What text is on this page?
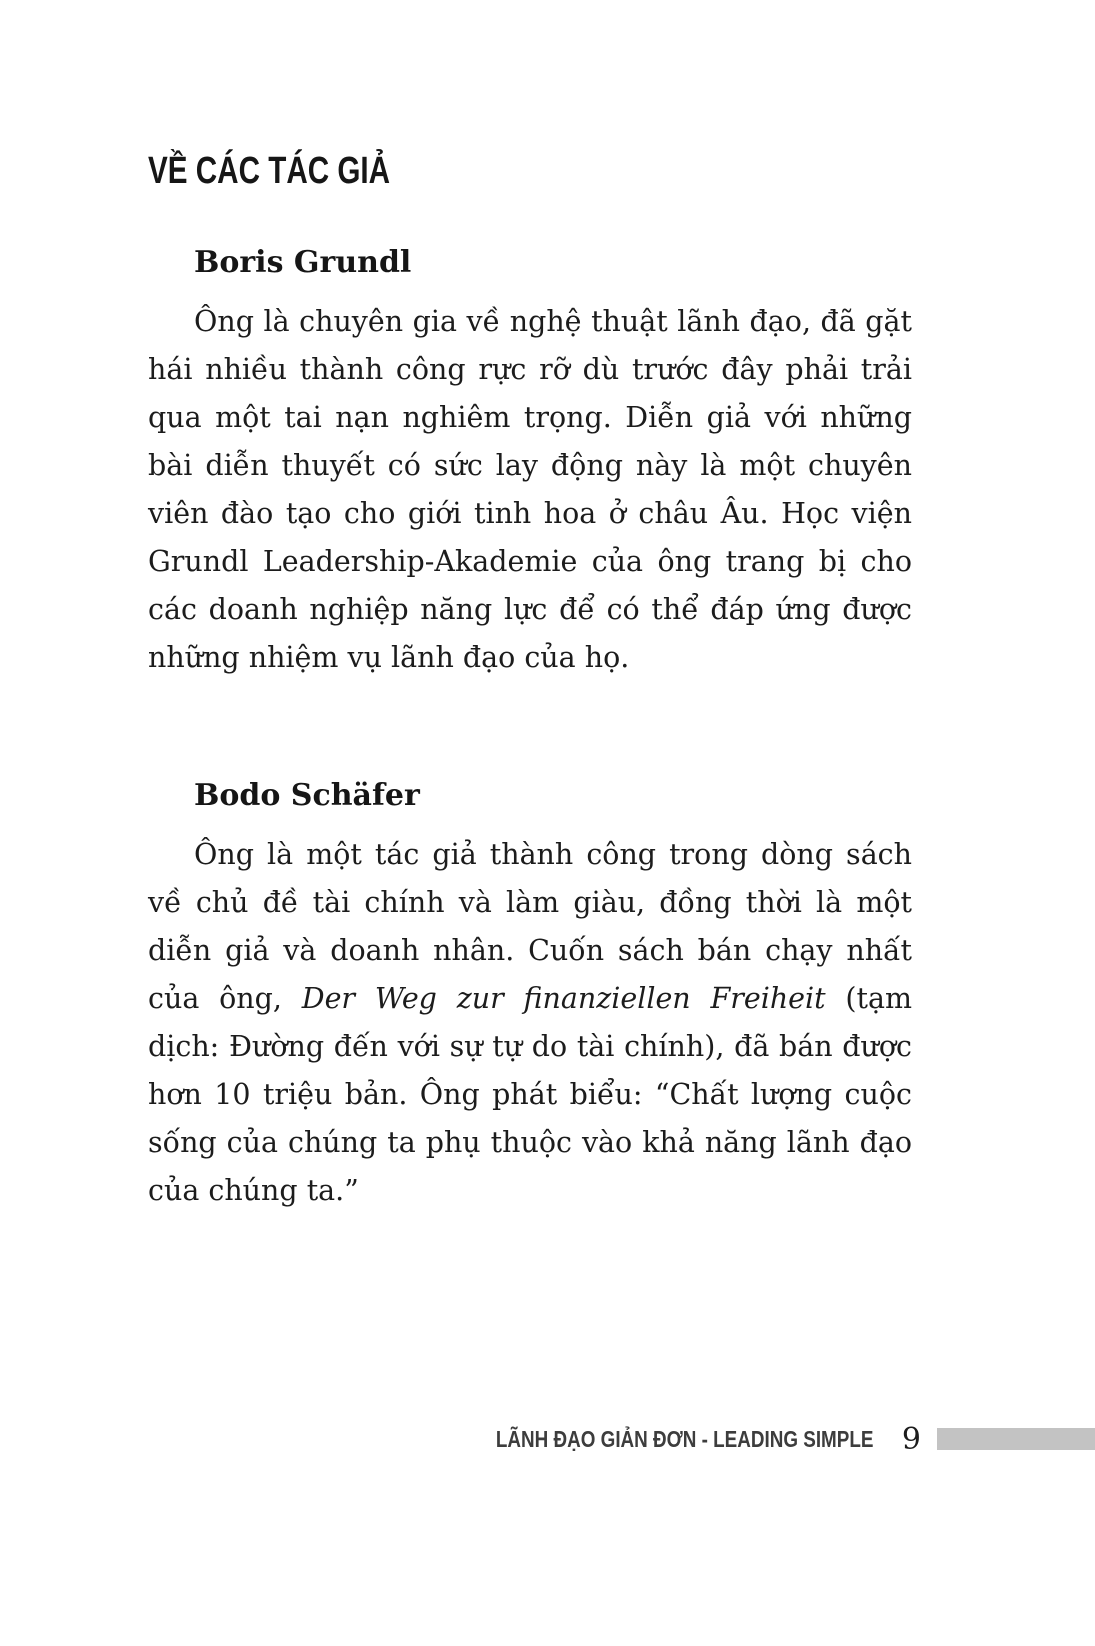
VỀ CÁC TÁC GIẢ
Boris Grundl

Ông là chuyên gia về nghệ thuật lãnh đạo, đã gặt hái nhiều thành công rực rỡ dù trước đây phải trải qua một tai nạn nghiêm trọng. Diễn giả với những bài diễn thuyết có sức lay động này là một chuyên viên đào tạo cho giới tinh hoa ở châu Âu. Học viện Grundl Leadership-Akademie của ông trang bị cho các doanh nghiệp năng lực để có thể đáp ứng được những nhiệm vụ lãnh đạo của họ.

Bodo Schäfer

Ông là một tác giả thành công trong dòng sách về chủ đề tài chính và làm giàu, đồng thời là một diễn giả và doanh nhân. Cuốn sách bán chạy nhất của ông, Der Weg zur finanziellen Freiheit (tạm dịch: Đường đến với sự tự do tài chính), đã bán được hơn 10 triệu bản. Ông phát biểu: “Chất lượng cuộc sống của chúng ta phụ thuộc vào khả năng lãnh đạo của chúng ta.”

LÃNH ĐẠO GIẢN ĐƠN - LEADING SIMPLE 9
